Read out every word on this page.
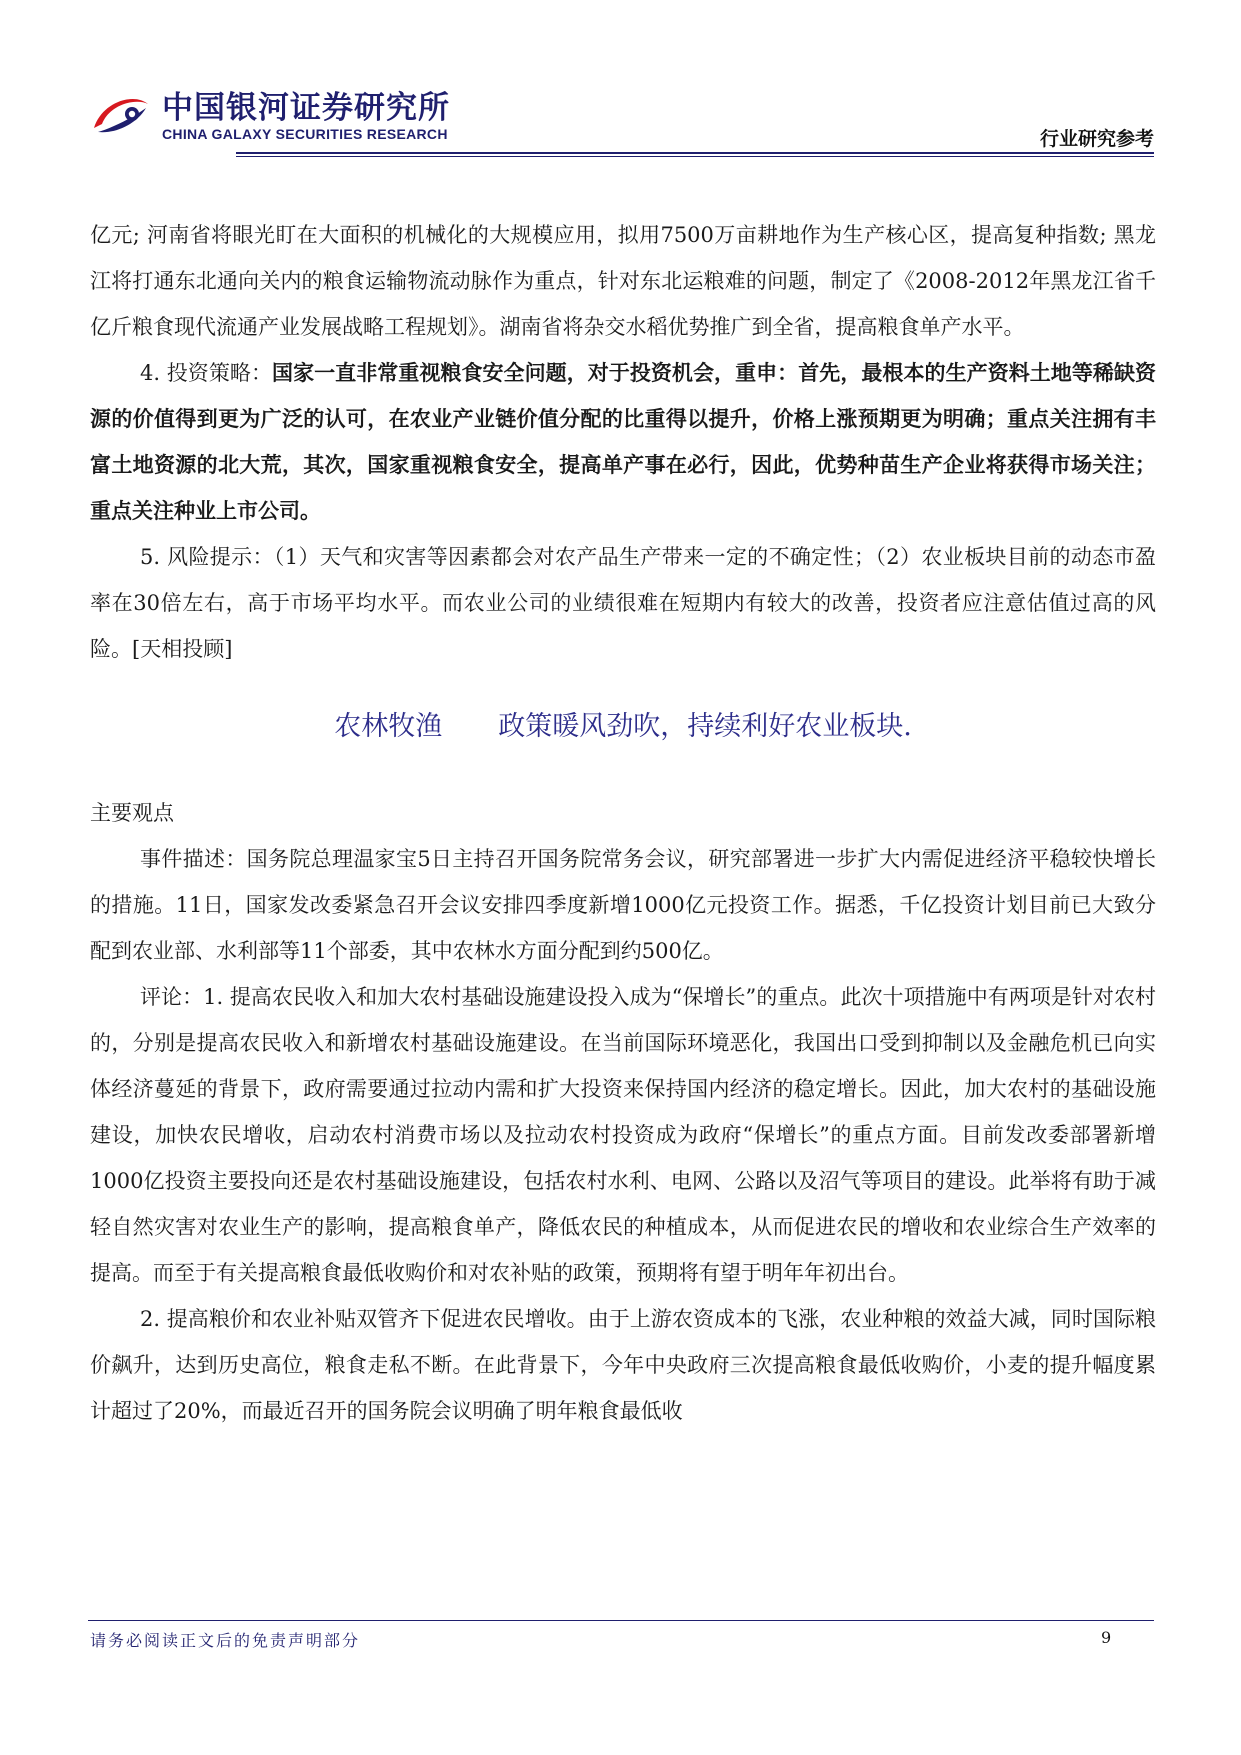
中国银河证券研究所
CHINA GALAXY SECURITIES RESEARCH	行业研究参考

亿元; 河南省将眼光盯在大面积的机械化的大规模应用，拟用7500万亩耕地作为生产核心区，提高复种指数; 黑龙江将打通东北通向关内的粮食运输物流动脉作为重点，针对东北运粮难的问题，制定了《2008-2012年黑龙江省千亿斤粮食现代流通产业发展战略工程规划》。湖南省将杂交水稻优势推广到全省，提高粮食单产水平。

4. 投资策略：国家一直非常重视粮食安全问题，对于投资机会，重申：首先，最根本的生产资料土地等稀缺资源的价值得到更为广泛的认可，在农业产业链价值分配的比重得以提升，价格上涨预期更为明确；重点关注拥有丰富土地资源的北大荒，其次，国家重视粮食安全，提高单产事在必行，因此，优势种苗生产企业将获得市场关注；重点关注种业上市公司。

5. 风险提示：（1）天气和灾害等因素都会对农产品生产带来一定的不确定性；（2）农业板块目前的动态市盈率在30倍左右，高于市场平均水平。而农业公司的业绩很难在短期内有较大的改善，投资者应注意估值过高的风险。[天相投顾]

农林牧渔 政策暖风劲吹，持续利好农业板块.

主要观点

事件描述：国务院总理温家宝5日主持召开国务院常务会议，研究部署进一步扩大内需促进经济平稳较快增长的措施。11日，国家发改委紧急召开会议安排四季度新增1000亿元投资工作。据悉，千亿投资计划目前已大致分配到农业部、水利部等11个部委，其中农林水方面分配到约500亿。

评论：1. 提高农民收入和加大农村基础设施建设投入成为“保增长”的重点。此次十项措施中有两项是针对农村的，分别是提高农民收入和新增农村基础设施建设。在当前国际环境恶化，我国出口受到抑制以及金融危机已向实体经济蔓延的背景下，政府需要通过拉动内需和扩大投资来保持国内经济的稳定增长。因此，加大农村的基础设施建设，加快农民增收，启动农村消费市场以及拉动农村投资成为政府“保增长”的重点方面。目前发改委部署新增1000亿投资主要投向还是农村基础设施建设，包括农村水利、电网、公路以及沼气等项目的建设。此举将有助于减轻自然灾害对农业生产的影响，提高粮食单产，降低农民的种植成本，从而促进农民的增收和农业综合生产效率的提高。而至于有关提高粮食最低收购价和对农补贴的政策，预期将有望于明年年初出台。

2. 提高粮价和农业补贴双管齐下促进农民增收。由于上游农资成本的飞涨，农业种粮的效益大减，同时国际粮价飙升，达到历史高位，粮食走私不断。在此背景下，今年中央政府三次提高粮食最低收购价，小麦的提升幅度累计超过了20%，而最近召开的国务院会议明确了明年粮食最低收

请务必阅读正文后的免责声明部分	9
